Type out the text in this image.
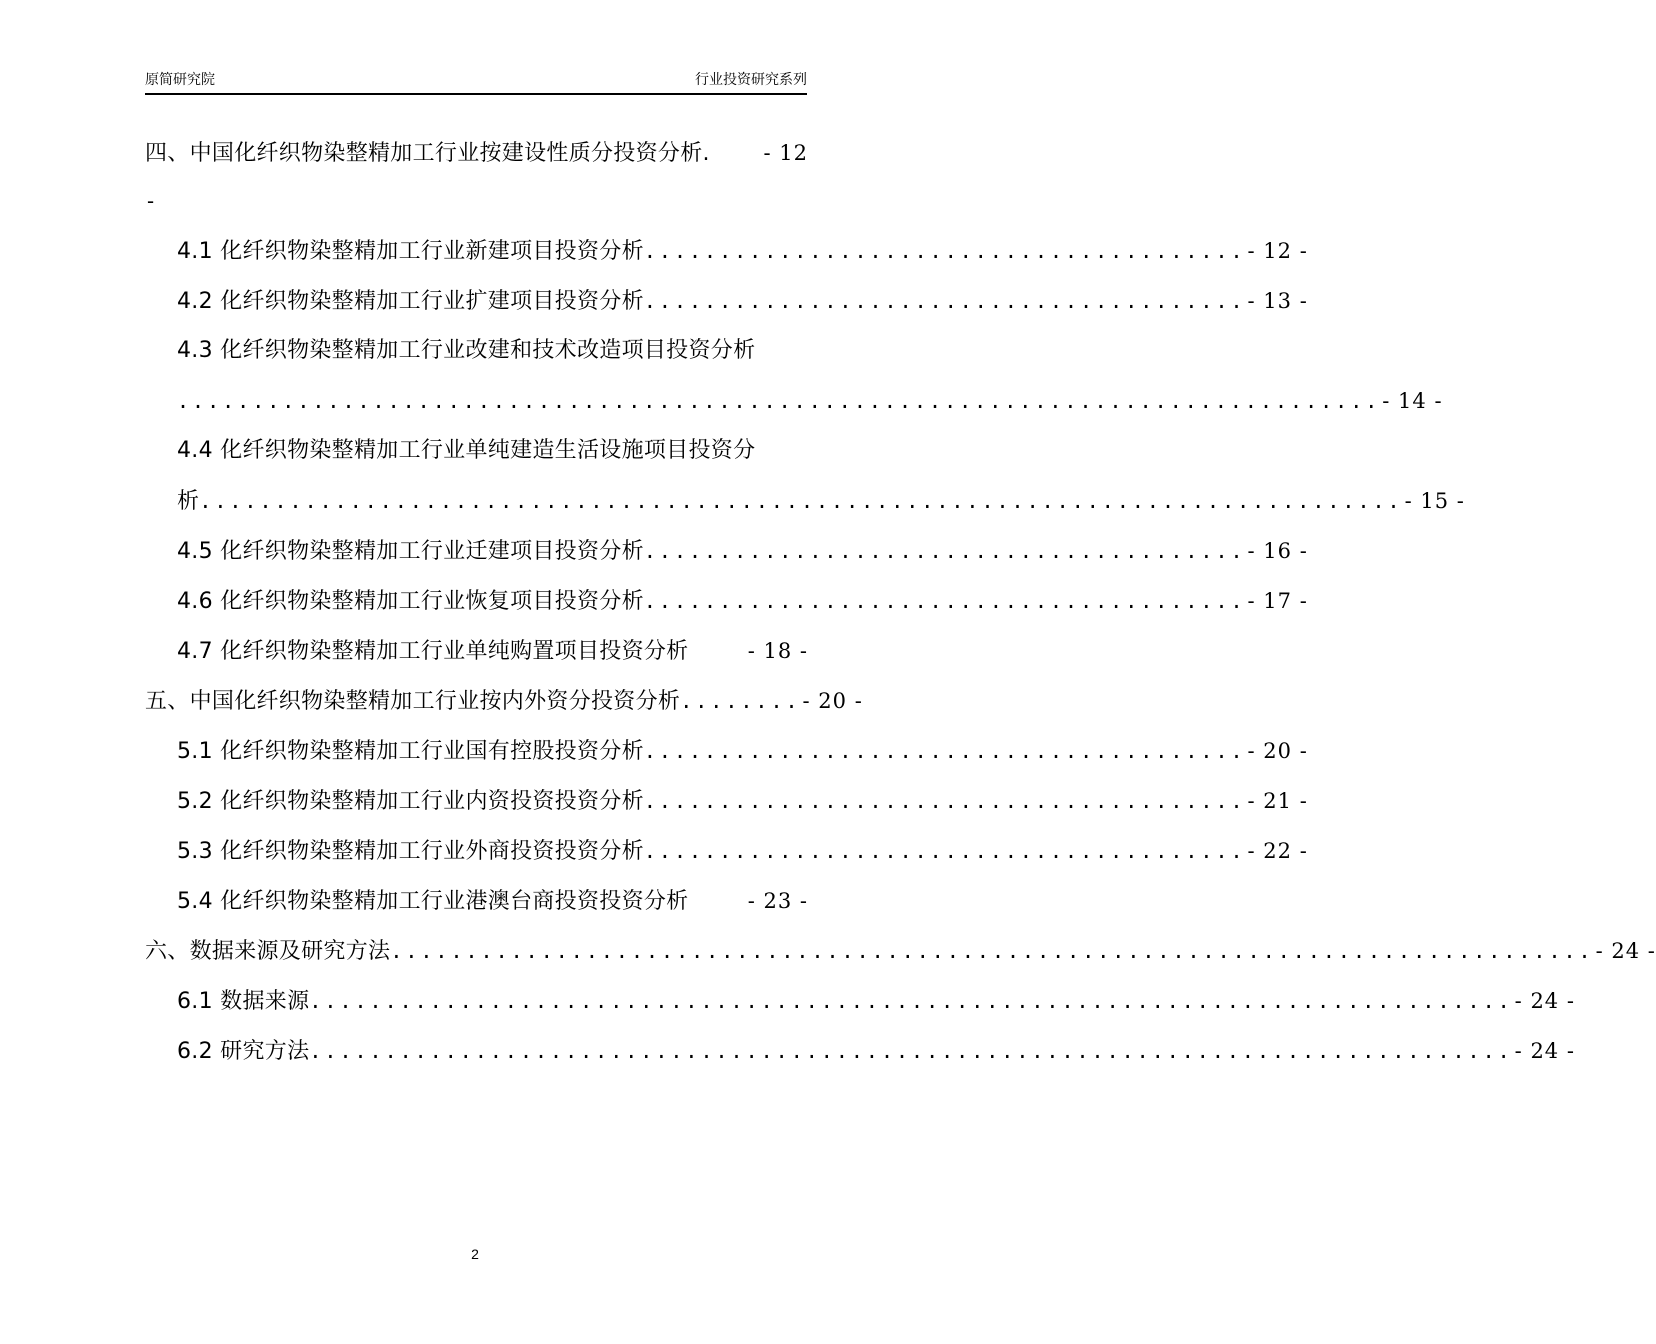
原简研究院	行业投资研究系列
四、中国化纤织物染整精加工行业按建设性质分投资分析.	- 12
-
4.1 化纤织物染整精加工行业新建项目投资分析 ........................................ - 12 -
4.2 化纤织物染整精加工行业扩建项目投资分析 ........................................ - 13 -
4.3 化纤织物染整精加工行业改建和技术改造项目投资分析
................................................................................ - 14 -
4.4 化纤织物染整精加工行业单纯建造生活设施项目投资分
析 ................................................................................ - 15 -
4.5 化纤织物染整精加工行业迁建项目投资分析 ........................................ - 16 -
4.6 化纤织物染整精加工行业恢复项目投资分析 ........................................ - 17 -
4.7 化纤织物染整精加工行业单纯购置项目投资分析	- 18 -
五、中国化纤织物染整精加工行业按内外资分投资分析 ........ - 20 -
5.1 化纤织物染整精加工行业国有控股投资分析 ........................................ - 20 -
5.2 化纤织物染整精加工行业内资投资投资分析 ........................................ - 21 -
5.3 化纤织物染整精加工行业外商投资投资分析 ........................................ - 22 -
5.4 化纤织物染整精加工行业港澳台商投资投资分析	- 23 -
六、数据来源及研究方法 ................................................................................ - 24 -
6.1 数据来源 ................................................................................ - 24 -
6.2 研究方法 ................................................................................ - 24 -
2
